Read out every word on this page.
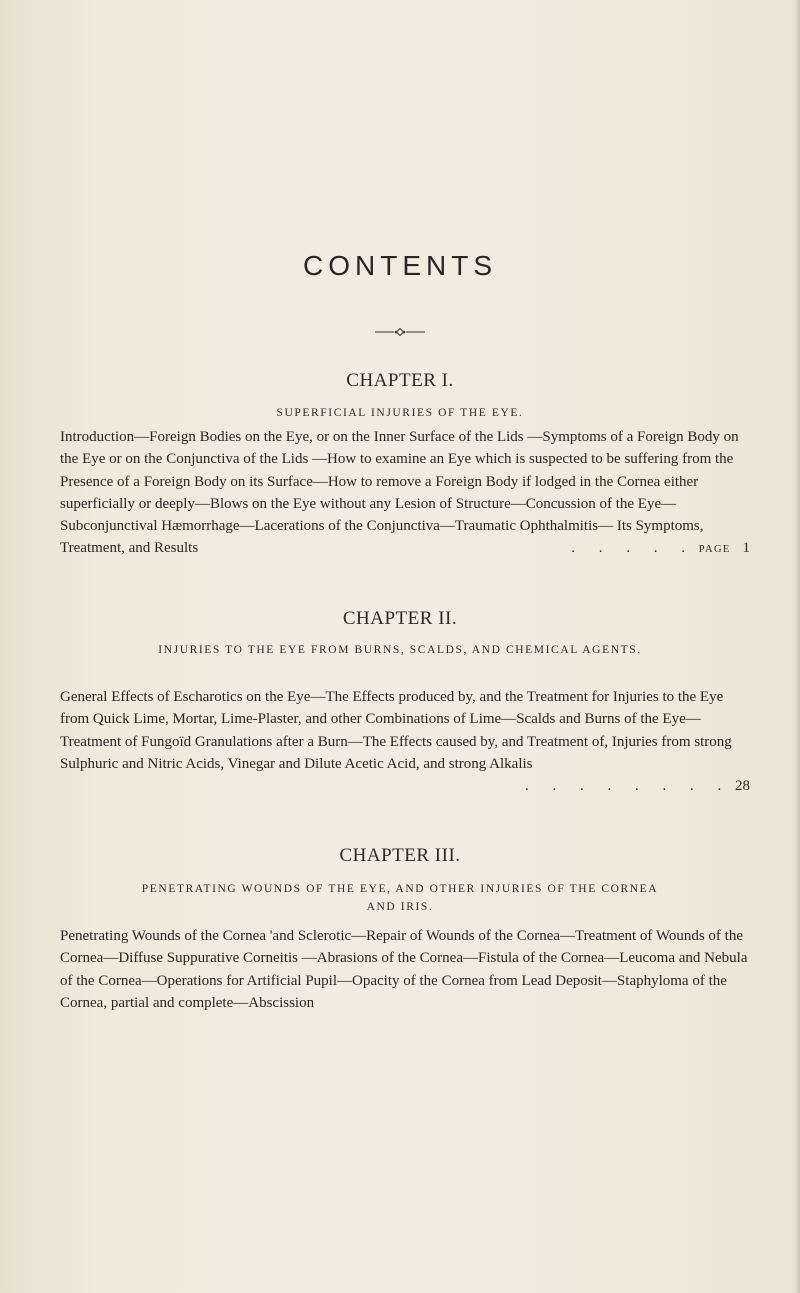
CONTENTS
CHAPTER I.
SUPERFICIAL INJURIES OF THE EYE.
Introduction—Foreign Bodies on the Eye, or on the Inner Surface of the Lids —Symptoms of a Foreign Body on the Eye or on the Conjunctiva of the Lids —How to examine an Eye which is suspected to be suffering from the Presence of a Foreign Body on its Surface—How to remove a Foreign Body if lodged in the Cornea either superficially or deeply—Blows on the Eye without any Lesion of Structure—Concussion of the Eye—Subconjunctival Hæmorrhage—Lacerations of the Conjunctiva—Traumatic Ophthalmitis— Its Symptoms, Treatment, and Results	. . . . . PAGE 1
CHAPTER II.
INJURIES TO THE EYE FROM BURNS, SCALDS, AND CHEMICAL AGENTS.
General Effects of Escharotics on the Eye—The Effects produced by, and the Treatment for Injuries to the Eye from Quick Lime, Mortar, Lime-Plaster, and other Combinations of Lime—Scalds and Burns of the Eye—Treatment of Fungoïd Granulations after a Burn—The Effects caused by, and Treatment of, Injuries from strong Sulphuric and Nitric Acids, Vinegar and Dilute Acetic Acid, and strong Alkalis
. . . . . . . . 28
CHAPTER III.
PENETRATING WOUNDS OF THE EYE, AND OTHER INJURIES OF THE CORNEA AND IRIS.
Penetrating Wounds of the Cornea 'and Sclerotic—Repair of Wounds of the Cornea—Treatment of Wounds of the Cornea—Diffuse Suppurative Corneitis —Abrasions of the Cornea—Fistula of the Cornea—Leucoma and Nebula of the Cornea—Operations for Artificial Pupil—Opacity of the Cornea from Lead Deposit—Staphyloma of the Cornea, partial and complete—Abscission
